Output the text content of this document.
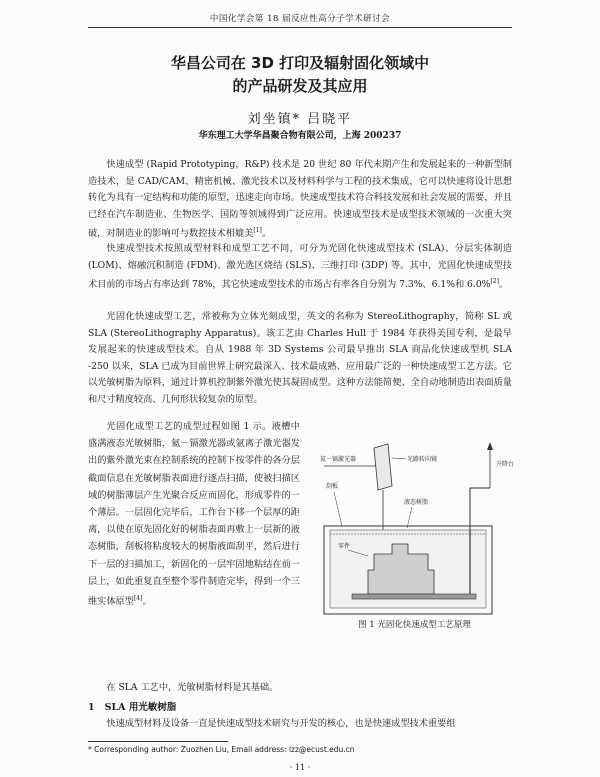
中国化学会第 18 届反应性高分子学术研讨会
华昌公司在 3D 打印及辐射固化领域中
的产品研发及其应用
刘坐镇* 吕晓平
华东理工大学华昌聚合物有限公司，上海 200237
快速成型 (Rapid Prototyping，R&P) 技术是 20 世纪 80 年代末期产生和发展起来的一种新型制造技术，是 CAD/CAM、精密机械、激光技术以及材料科学与工程的技术集成，它可以快速将设计思想转化为具有一定结构和功能的原型，迅速走向市场。快速成型技术符合科技发展和社会发展的需要，并且已经在汽车制造业、生物医学、国防等领域得到广泛应用。快速成型技术是成型技术领域的一次重大突破，对制造业的影响可与数控技术相媲美[1]。
快速成型技术按照成型材料和成型工艺不同，可分为光固化快速成型技术 (SLA)、分层实体制造 (LOM)、熔融沉积制造 (FDM)、激光选区烧结 (SLS)、三维打印 (3DP) 等。其中，光固化快速成型技术目前的市场占有率达到 78%，其它快速成型技术的市场占有率各自分别为 7.3%、6.1%和 6.0%[2]。
光固化快速成型工艺，常被称为立体光刻成型，英文的名称为 StereoLithography，简称 SL 或 SLA (StereoLithography Apparatus)。该工艺由 Charles Hull 于 1984 年获得美国专利，是最早发展起来的快速成型技术。自从 1988 年 3D Systems 公司最早推出 SLA 商品化快速成型机 SLA -250 以来，SLA 已成为目前世界上研究最深入、技术最成熟、应用最广泛的一种快速成型工艺方法。它以光敏树脂为原料，通过计算机控制紫外激光使其凝固成型。这种方法能简便、全自动地制造出表面质量和尺寸精度较高、几何形状较复杂的原型。
光固化成型工艺的成型过程如图 1 示。液槽中盛满液态光敏树脂，氦－镉激光器或氩离子激光器发出的紫外激光束在控制系统的控制下按零件的各分层截面信息在光敏树脂表面进行逐点扫描，使被扫描区域的树脂薄层产生光聚合反应而固化，形成零件的一个薄层。一层固化完毕后，工作台下移一个层厚的距离，以使在原先固化好的树脂表面再敷上一层新的液态树脂，刮板将粘度较大的树脂液面刮平，然后进行下一层的扫描加工，新固化的一层牢固地粘结在前一层上，如此重复直至整个零件制造完毕，得到一个三维实体原型[4]。
氦－镉激光器	光路转向镜
刮板
液态树脂
升降台
零件
图 1 光固化快速成型工艺原理
在 SLA 工艺中，光敏树脂材料是其基础。
1 SLA 用光敏树脂
快速成型材料及设备一直是快速成型技术研究与开发的核心，也是快速成型技术重要组
* Corresponding author: Zuozhen Liu, Email address: lzz@ecust.edu.cn
· 11 ·
